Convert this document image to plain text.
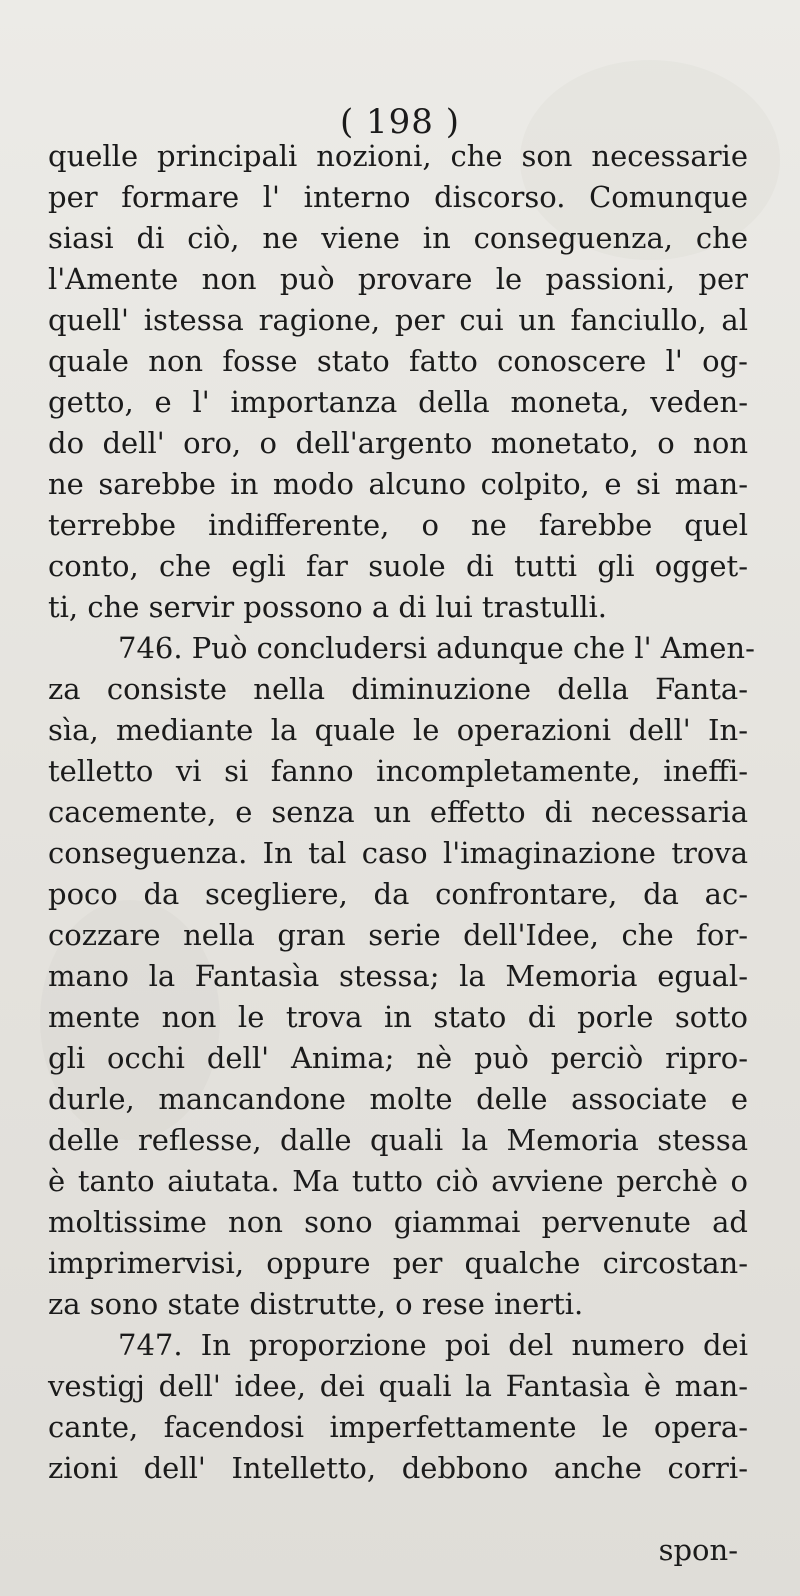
( 198 )
quelle principali nozioni, che son necessarie
per formare l' interno discorso. Comunque
siasi di ciò, ne viene in conseguenza, che
l'Amente non può provare le passioni, per
quell' istessa ragione, per cui un fanciullo, al
quale non fosse stato fatto conoscere l' og-
getto, e l' importanza della moneta, veden-
do dell' oro, o dell'argento monetato, o non
ne sarebbe in modo alcuno colpito, e si man-
terrebbe indifferente, o ne farebbe quel
conto, che egli far suole di tutti gli ogget-
ti, che servir possono a di lui trastulli.
746. Può concludersi adunque che l' Amen-
za consiste nella diminuzione della Fanta-
sìa, mediante la quale le operazioni dell' In-
telletto vi si fanno incompletamente, ineffi-
cacemente, e senza un effetto di necessaria
conseguenza. In tal caso l'imaginazione trova
poco da scegliere, da confrontare, da ac-
cozzare nella gran serie dell'Idee, che for-
mano la Fantasìa stessa; la Memoria egual-
mente non le trova in stato di porle sotto
gli occhi dell' Anima; nè può perciò ripro-
durle, mancandone molte delle associate e
delle reflesse, dalle quali la Memoria stessa
è tanto aiutata. Ma tutto ciò avviene perchè o
moltissime non sono giammai pervenute ad
imprimervisi, oppure per qualche circostan-
za sono state distrutte, o rese inerti.
747. In proporzione poi del numero dei
vestigj dell' idee, dei quali la Fantasìa è man-
cante, facendosi imperfettamente le opera-
zioni dell' Intelletto, debbono anche corri-
spon-
